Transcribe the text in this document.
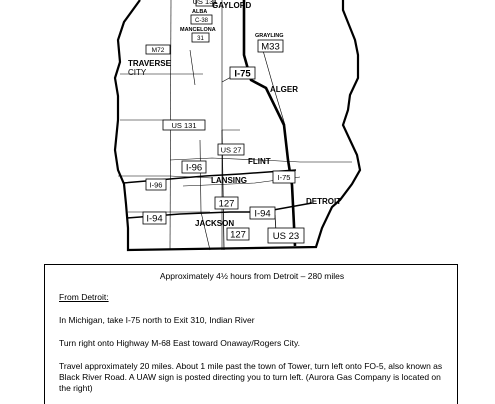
US 131
C-38
31
M72	M33
I-75
US 131
US 27
I-96
I-75
I-96
127
I-94	I-94
127	US 23
GAYLORD
ALBA
MANCELONA
GRAYLING
TRAVERSE
CITY
ALGER
FLINT
LANSING
DETROIT
JACKSON

Approximately 4½ hours from Detroit – 280 miles

From Detroit:

In Michigan, take I-75 north to Exit 310, Indian River

Turn right onto Highway M-68 East toward Onaway/Rogers City.

Travel approximately 20 miles. About 1 mile past the town of Tower, turn left onto FO-5, also known as Black River Road. A UAW sign is posted directing you to turn left. (Aurora Gas Company is located on the right)
